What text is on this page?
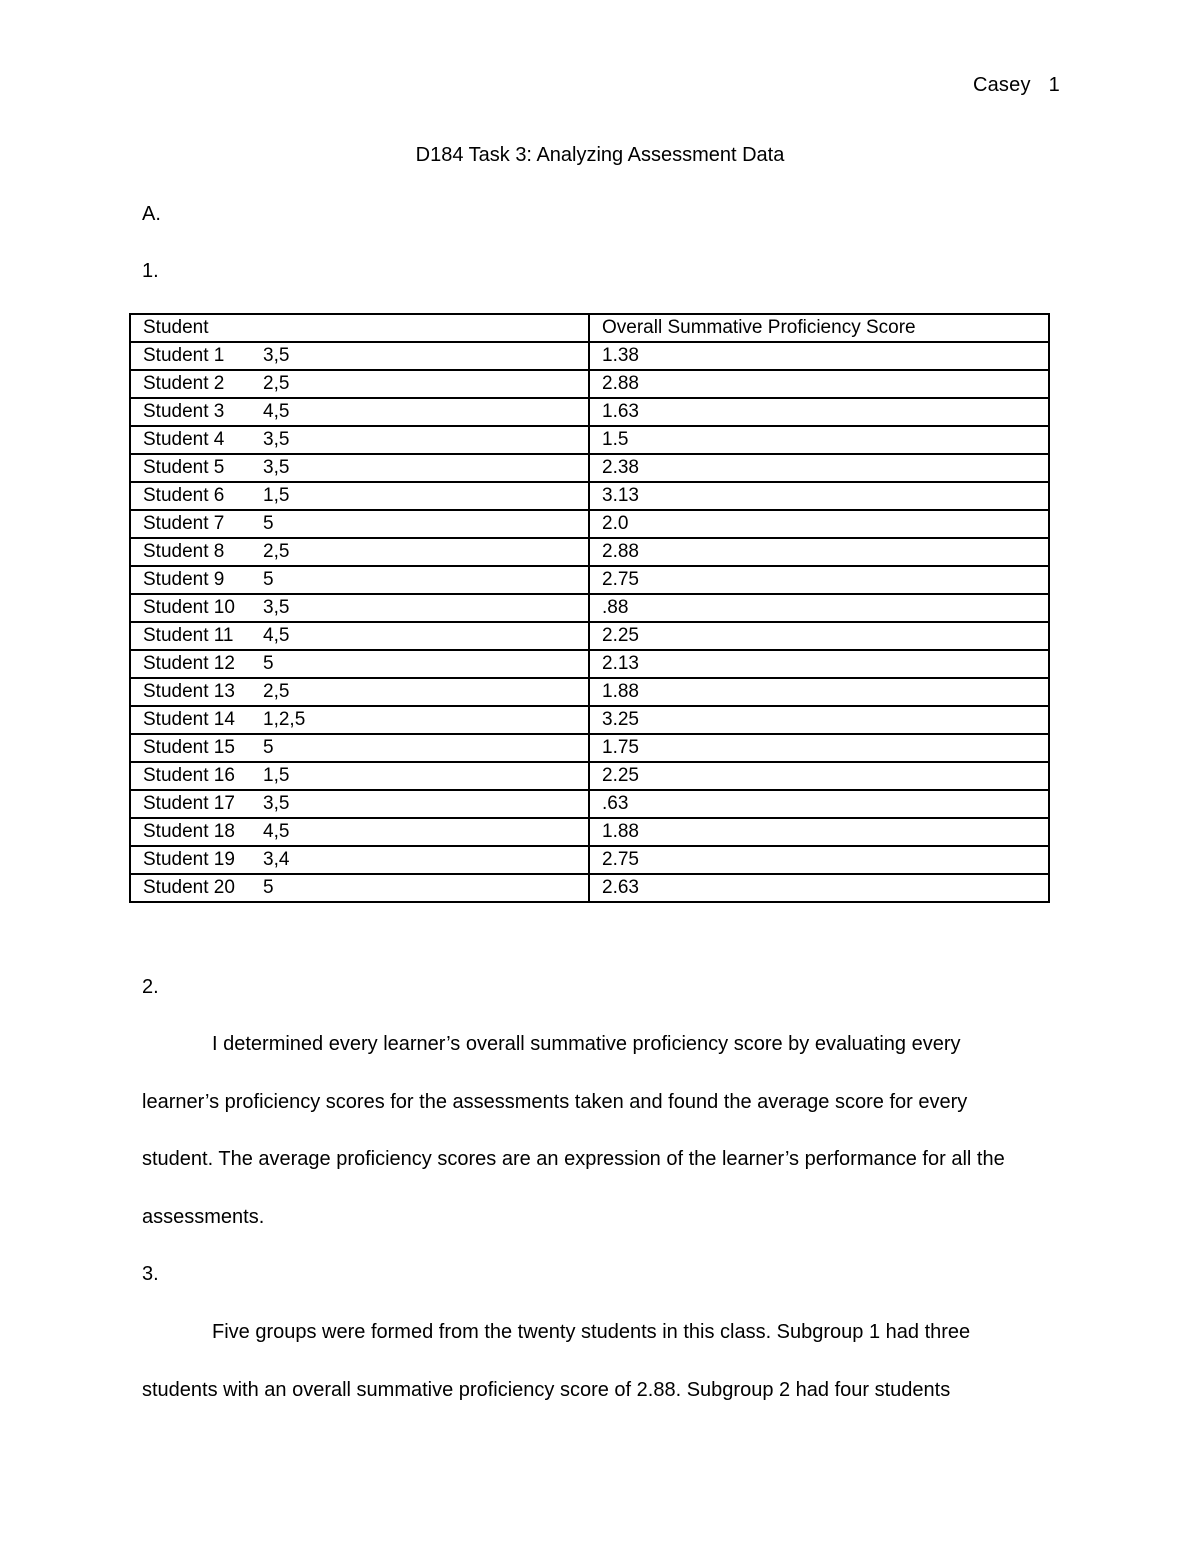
Casey 1
D184 Task 3: Analyzing Assessment Data
A.
1.
Student	Overall Summative Proficiency Score
Student 1 3,5	1.38
Student 2 2,5	2.88
Student 3 4,5	1.63
Student 4 3,5	1.5
Student 5 3,5	2.38
Student 6 1,5	3.13
Student 7 5	2.0
Student 8 2,5	2.88
Student 9 5	2.75
Student 10 3,5	.88
Student 11 4,5	2.25
Student 12 5	2.13
Student 13 2,5	1.88
Student 14 1,2,5	3.25
Student 15 5	1.75
Student 16 1,5	2.25
Student 17 3,5	.63
Student 18 4,5	1.88
Student 19 3,4	2.75
Student 20 5	2.63
2.

I determined every learner’s overall summative proficiency score by evaluating every learner’s proficiency scores for the assessments taken and found the average score for every student. The average proficiency scores are an expression of the learner’s performance for all the assessments.

3.

Five groups were formed from the twenty students in this class. Subgroup 1 had three students with an overall summative proficiency score of 2.88. Subgroup 2 had four students
